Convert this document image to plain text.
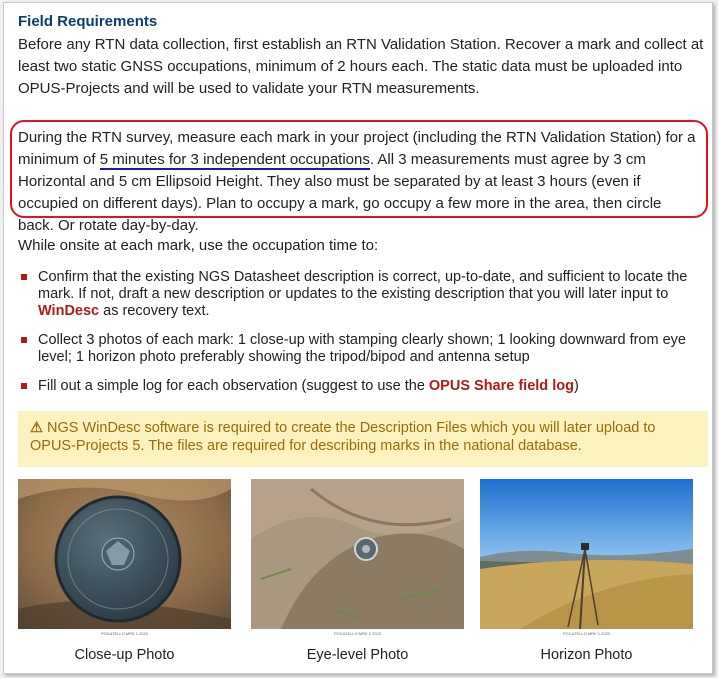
Field Requirements

Before any RTN data collection, first establish an RTN Validation Station. Recover a mark and collect at least two static GNSS occupations, minimum of 2 hours each. The static data must be uploaded into OPUS-Projects and will be used to validate your RTN measurements.

During the RTN survey, measure each mark in your project (including the RTN Validation Station) for a minimum of 5 minutes for 3 independent occupations. All 3 measurements must agree by 3 cm Horizontal and 5 cm Ellipsoid Height. They also must be separated by at least 3 hours (even if occupied on different days). Plan to occupy a mark, go occupy a few more in the area, then circle back. Or rotate day-by-day.

While onsite at each mark, use the occupation time to:

Confirm that the existing NGS Datasheet description is correct, up-to-date, and sufficient to locate the mark. If not, draft a new description or updates to the existing description that you will later input to WinDesc as recovery text.
Collect 3 photos of each mark: 1 close-up with stamping clearly shown; 1 looking downward from eye level; 1 horizon photo preferably showing the tripod/bipod and antenna setup
Fill out a simple log for each observation (suggest to use the OPUS Share field log)
⚠ NGS WinDesc software is required to create the Description Files which you will later upload to OPUS-Projects 5. The files are required for describing marks in the national database.
POCATELLO MRK 1 2023
Close-up Photo
POCATELLO MRK 1 2023
Eye-level Photo
POCATELLO MRK 1 2023
Horizon Photo
